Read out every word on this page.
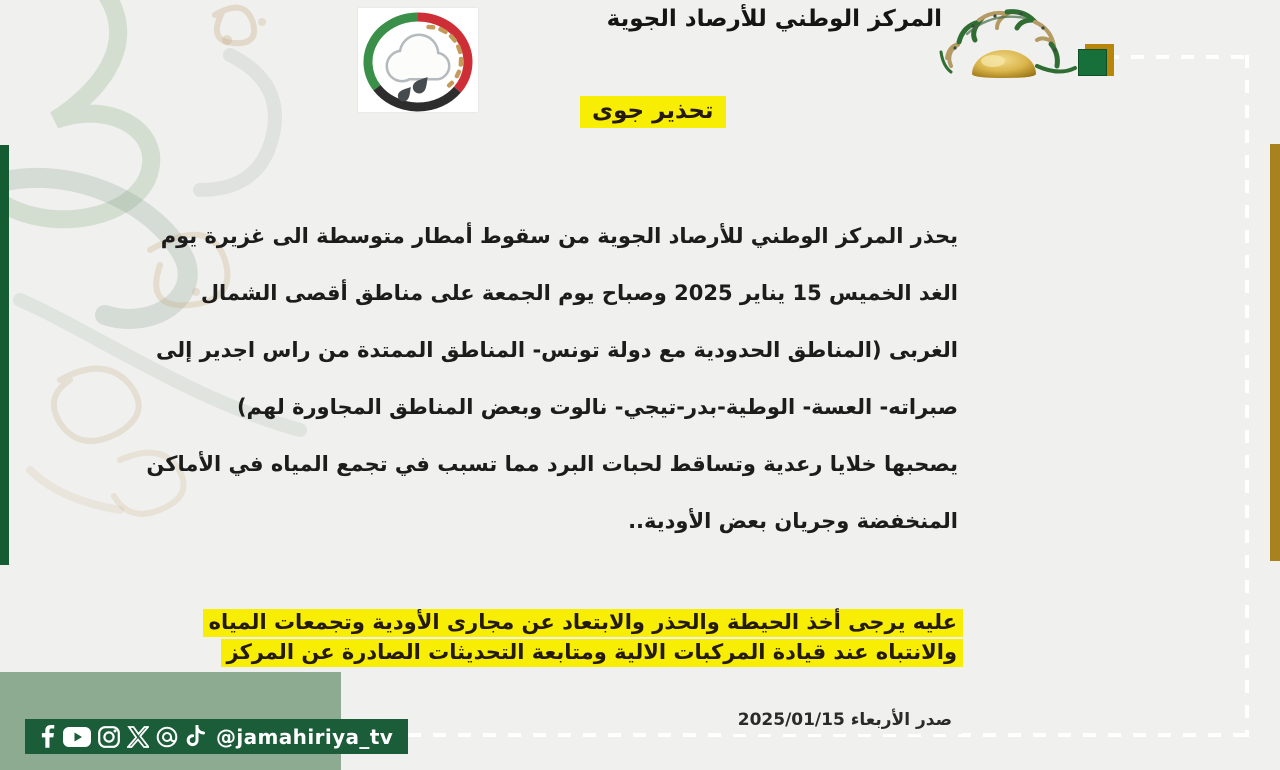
المركز الوطني للأرصاد الجوية
تحذير جوى
يحذر المركز الوطني للأرصاد الجوية من سقوط أمطار متوسطة الى غزيرة يوم
الغد الخميس 15 يناير 2025 وصباح يوم الجمعة على مناطق أقصى الشمال
الغربى (المناطق الحدودية مع دولة تونس- المناطق الممتدة من راس اجدير إلى
صبراته- العسة- الوطية-بدر-تيجي- نالوت وبعض المناطق المجاورة لهم)
يصحبها خلايا رعدية وتساقط لحبات البرد مما تسبب في تجمع المياه في الأماكن
المنخفضة وجريان بعض الأودية..
عليه يرجى أخذ الحيطة والحذر والابتعاد عن مجارى الأودية وتجمعات المياه
والانتباه عند قيادة المركبات الالية ومتابعة التحديثات الصادرة عن المركز
صدر الأربعاء 2025/01/15
@jamahiriya_tv
